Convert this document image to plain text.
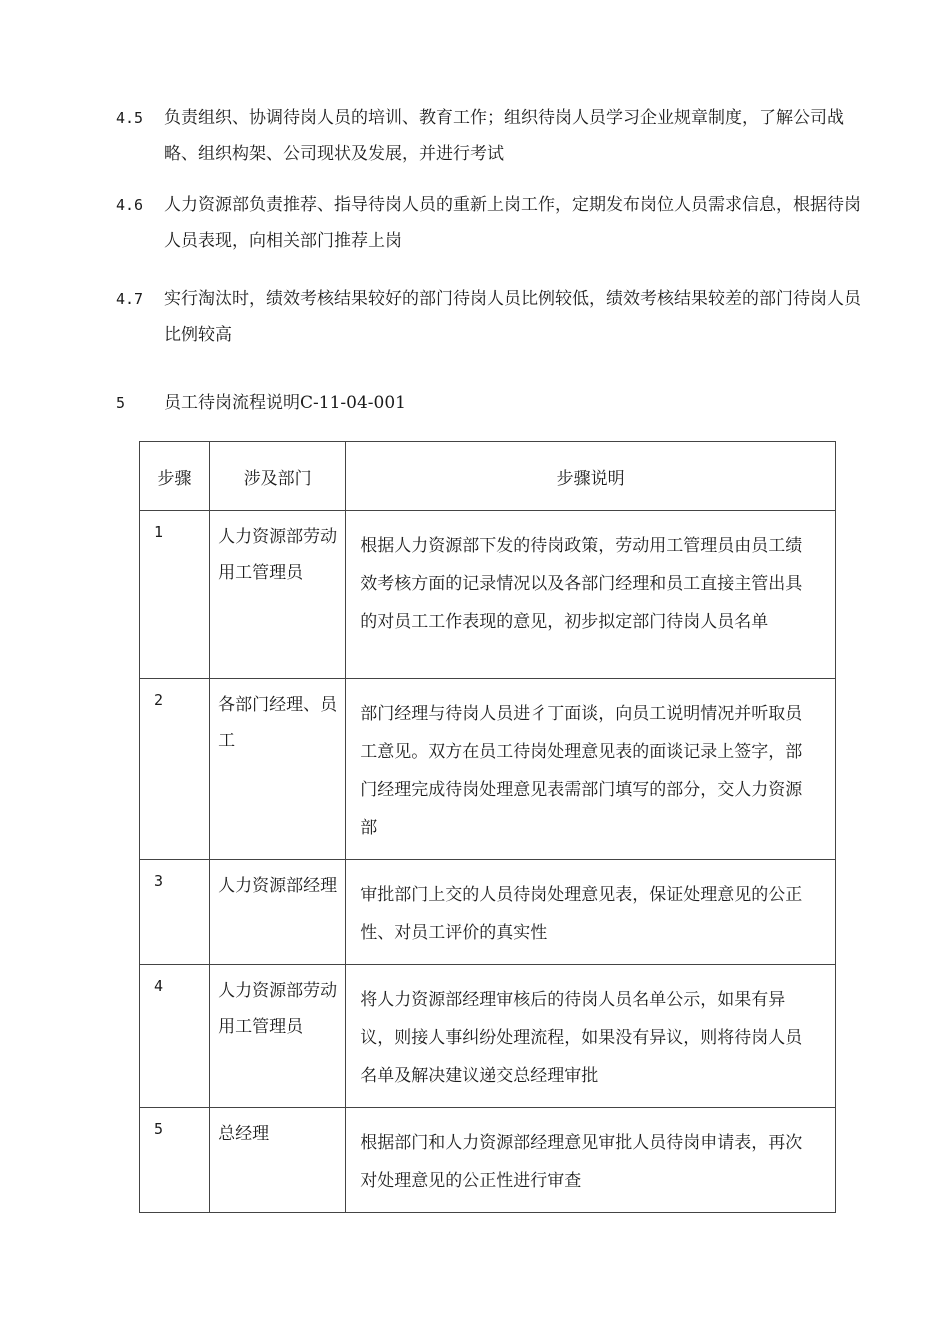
4.5	负责组织、协调待岗人员的培训、教育工作；组织待岗人员学习企业规章制度，了解公司战略、组织构架、公司现状及发展，并进行考试
4.6	人力资源部负责推荐、指导待岗人员的重新上岗工作，定期发布岗位人员需求信息，根据待岗人员表现，向相关部门推荐上岗
4.7	实行淘汰时，绩效考核结果较好的部门待岗人员比例较低，绩效考核结果较差的部门待岗人员比例较高
5 员工待岗流程说明C-11-04-001
步骤	涉及部门	步骤说明

1	人力资源部劳动用工管理员	根据人力资源部下发的待岗政策，劳动用工管理员由员工绩效考核方面的记录情况以及各部门经理和员工直接主管出具的对员工工作表现的意见，初步拟定部门待岗人员名单

2	各部门经理、员工	部门经理与待岗人员进彳丁面谈，向员工说明情况并听取员工意见。双方在员工待岗处理意见表的面谈记录上签字，部门经理完成待岗处理意见表需部门填写的部分，交人力资源部

3	人力资源部经理	审批部门上交的人员待岗处理意见表，保证处理意见的公正性、对员工评价的真实性

4	人力资源部劳动用工管理员	将人力资源部经理审核后的待岗人员名单公示，如果有异议，则接人事纠纷处理流程，如果没有异议，则将待岗人员名单及解决建议递交总经理审批

5	总经理	根据部门和人力资源部经理意见审批人员待岗申请表，再次对处理意见的公正性进行审查
